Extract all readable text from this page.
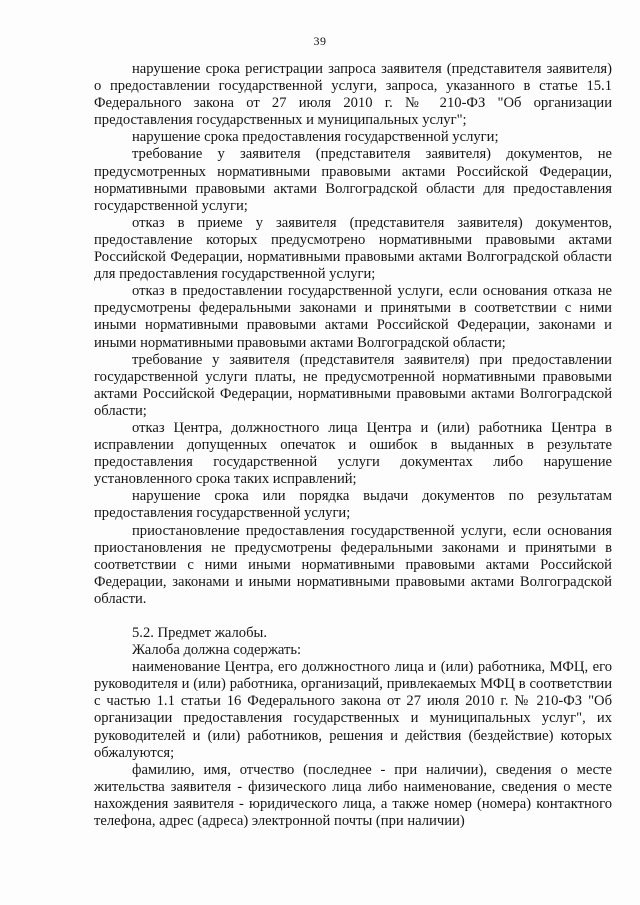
39

нарушение срока регистрации запроса заявителя (представителя заявителя) о предоставлении государственной услуги, запроса, указанного в статье 15.1 Федерального закона от 27 июля 2010 г. № 210-ФЗ "Об организации предоставления государственных и муниципальных услуг";

нарушение срока предоставления государственной услуги;

требование у заявителя (представителя заявителя) документов, не предусмотренных нормативными правовыми актами Российской Федерации, нормативными правовыми актами Волгоградской области для предоставления государственной услуги;

отказ в приеме у заявителя (представителя заявителя) документов, предоставление которых предусмотрено нормативными правовыми актами Российской Федерации, нормативными правовыми актами Волгоградской области для предоставления государственной услуги;

отказ в предоставлении государственной услуги, если основания отказа не предусмотрены федеральными законами и принятыми в соответствии с ними иными нормативными правовыми актами Российской Федерации, законами и иными нормативными правовыми актами Волгоградской области;

требование у заявителя (представителя заявителя) при предоставлении государственной услуги платы, не предусмотренной нормативными правовыми актами Российской Федерации, нормативными правовыми актами Волгоградской области;

отказ Центра, должностного лица Центра и (или) работника Центра в исправлении допущенных опечаток и ошибок в выданных в результате предоставления государственной услуги документах либо нарушение установленного срока таких исправлений;

нарушение срока или порядка выдачи документов по результатам предоставления государственной услуги;

приостановление предоставления государственной услуги, если основания приостановления не предусмотрены федеральными законами и принятыми в соответствии с ними иными нормативными правовыми актами Российской Федерации, законами и иными нормативными правовыми актами Волгоградской области.

5.2. Предмет жалобы.

Жалоба должна содержать:

наименование Центра, его должностного лица и (или) работника, МФЦ, его руководителя и (или) работника, организаций, привлекаемых МФЦ в соответствии с частью 1.1 статьи 16 Федерального закона от 27 июля 2010 г. № 210-ФЗ "Об организации предоставления государственных и муниципальных услуг", их руководителей и (или) работников, решения и действия (бездействие) которых обжалуются;

фамилию, имя, отчество (последнее - при наличии), сведения о месте жительства заявителя - физического лица либо наименование, сведения о месте нахождения заявителя - юридического лица, а также номер (номера) контактного телефона, адрес (адреса) электронной почты (при наличии)
